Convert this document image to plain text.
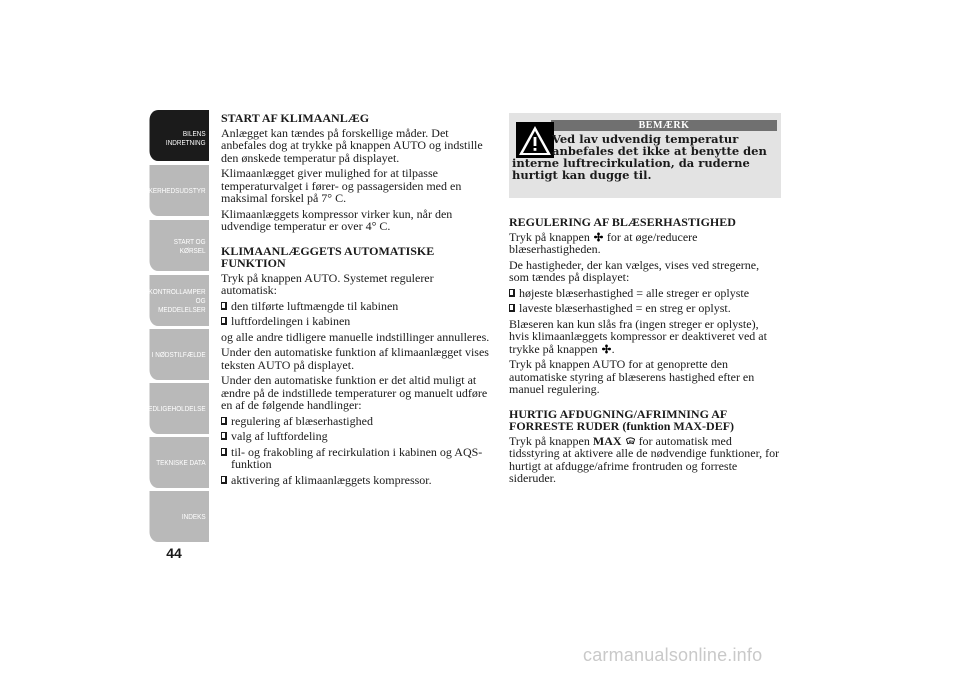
BILENS
INDRETNING
SIKKERHEDSUDSTYR
START OG KØRSEL
KONTROLLAMPER
OG MEDDELELSER
I NØDSTILFÆLDE
VEDLIGEHOLDELSE
TEKNISKE DATA
INDEKS
44
START AF KLIMAANLÆG

Anlægget kan tændes på forskellige måder. Det anbefales dog at trykke på knappen AUTO og indstille den ønskede temperatur på displayet.

Klimaanlægget giver mulighed for at tilpasse temperaturvalget i fører- og passagersiden med en maksimal forskel på 7° C.

Klimaanlæggets kompressor virker kun, når den udvendige temperatur er over 4° C.

KLIMAANLÆGGETS AUTOMATISKE FUNKTION

Tryk på knappen AUTO. Systemet regulerer automatisk:

den tilførte luftmængde til kabinen
luftfordelingen i kabinen

og alle andre tidligere manuelle indstillinger annulleres.

Under den automatiske funktion af klimaanlægget vises teksten AUTO på displayet.

Under den automatiske funktion er det altid muligt at ændre på de indstillede temperaturer og manuelt udføre en af de følgende handlinger:

regulering af blæserhastighed
valg af luftfordeling
til- og frakobling af recirkulation i kabinen og AQS-funktion
aktivering af klimaanlæggets kompressor.
BEMÆRK
Ved lav udvendig temperatur anbefales det ikke at benytte den
interne luftrecirkulation, da ruderne hurtigt kan dugge til.
REGULERING AF BLÆSERHASTIGHED

Tryk på knappen for at øge/reducere blæserhastigheden.

De hastigheder, der kan vælges, vises ved stregerne, som tændes på displayet:

højeste blæserhastighed = alle streger er oplyste
laveste blæserhastighed = en streg er oplyst.

Blæseren kan kun slås fra (ingen streger er oplyste), hvis klimaanlæggets kompressor er deaktiveret ved at trykke på knappen .

Tryk på knappen AUTO for at genoprette den automatiske styring af blæserens hastighed efter en manuel regulering.

HURTIG AFDUGNING/AFRIMNING AF FORRESTE RUDER (funktion MAX-DEF)

Tryk på knappen MAX for automatisk med tidsstyring at aktivere alle de nødvendige funktioner, for hurtigt at afdugge/afrime frontruden og forreste sideruder.

carmanualsonline.info
